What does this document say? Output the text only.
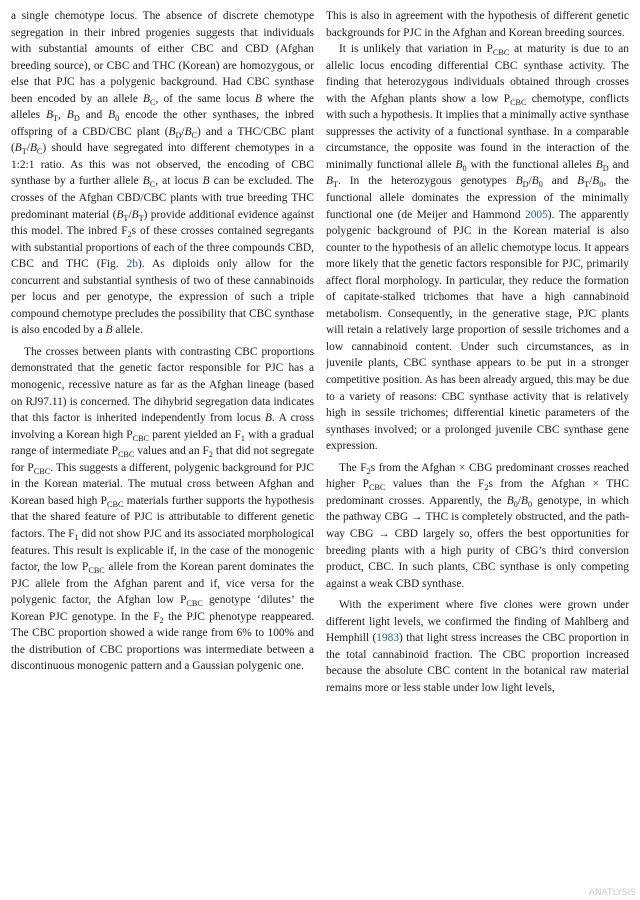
a single chemotype locus. The absence of discrete chemotype segregation in their inbred progenies suggests that individuals with substantial amounts of either CBC and CBD (Afghan breeding source), or CBC and THC (Korean) are homozygous, or else that PJC has a polygenic background. Had CBC synthase been encoded by an allele $B_C$, of the same locus B where the alleles $B_T$, $B_D$ and $B_0$ encode the other synthases, the inbred offspring of a CBD/CBC plant $(B_D/B_C)$ and a THC/CBC plant $(B_T/B_C)$ should have segregated into different chemotypes in a 1:2:1 ratio. As this was not observed, the encoding of CBC synthase by a further allele $B_C$, at locus B can be excluded. The crosses of the Afghan CBD/CBC plants with true breeding THC predominant material $(B_T/B_T)$ provide additional evidence against this model. The inbred $F_2s$ of these crosses contained segregants with substantial proportions of each of the three compounds CBD, CBC and THC (Fig. 2b). As diploids only allow for the concurrent and substantial synthesis of two of these cannabinoids per locus and per genotype, the expression of such a triple compound chemotype precludes the possibility that CBC synthase is also encoded by a B allele.

The crosses between plants with contrasting CBC proportions demonstrated that the genetic factor responsible for PJC has a monogenic, recessive nature as far as the Afghan lineage (based on RJ97.11) is concerned. The dihybrid segregation data indicates that this factor is inherited independently from locus B. A cross involving a Korean high $P_{CBC}$ parent yielded an $F_1$ with a gradual range of intermediate $P_{CBC}$ values and an $F_2$ that did not segregate for $P_{CBC}$. This suggests a different, polygenic background for PJC in the Korean material. The mutual cross between Afghan and Korean based high $P_{CBC}$ materials further supports the hypothesis that the shared feature of PJC is attributable to different genetic factors. The $F_1$ did not show PJC and its associated morphological features. This result is explicable if, in the case of the monogenic factor, the low $P_{CBC}$ allele from the Korean parent dominates the PJC allele from the Afghan parent and if, vice versa for the polygenic factor, the Afghan low $P_{CBC}$ genotype ‘dilutes’ the Korean PJC genotype. In the $F_2$ the PJC phenotype reappeared. The CBC proportion showed a wide range from 6% to 100% and the distribution of CBC proportions was intermediate between a discontinuous monogenic pattern and a Gaussian polygenic one.

This is also in agreement with the hypothesis of different genetic backgrounds for PJC in the Afghan and Korean breeding sources.

It is unlikely that variation in $P_{CBC}$ at maturity is due to an allelic locus encoding differential CBC synthase activity. The finding that heterozygous individuals obtained through crosses with the Afghan plants show a low $P_{CBC}$ chemotype, conflicts with such a hypothesis. It implies that a minimally active synthase suppresses the activity of a functional synthase. In a comparable circumstance, the opposite was found in the interaction of the minimally functional allele $B_0$ with the functional alleles $B_D$ and $B_T$. In the heterozygous genotypes $B_D/B_0$ and $B_T/B_0$, the functional allele dominates the expression of the minimally functional one (de Meijer and Hammond 2005). The apparently polygenic background of PJC in the Korean material is also counter to the hypothesis of an allelic chemotype locus. It appears more likely that the genetic factors responsible for PJC, primarily affect floral morphology. In particular, they reduce the formation of capitate-stalked trichomes that have a high cannabinoid metabolism. Consequently, in the generative stage, PJC plants will retain a relatively large proportion of sessile trichomes and a low cannabinoid content. Under such circumstances, as in juvenile plants, CBC synthase appears to be put in a stronger competitive position. As has been already argued, this may be due to a variety of reasons: CBC synthase activity that is relatively high in sessile trichomes; differential kinetic parameters of the synthases involved; or a prolonged juvenile CBC synthase gene expression.

The $F_2s$ from the Afghan × CBG predominant crosses reached higher $P_{CBC}$ values than the $F_2s$ from the Afghan × THC predominant crosses. Apparently, the $B_0/B_0$ genotype, in which the pathway CBG → THC is completely obstructed, and the pathway CBG → CBD largely so, offers the best opportunities for breeding plants with a high purity of CBG’s third conversion product, CBC. In such plants, CBC synthase is only competing against a weak CBD synthase.

With the experiment where five clones were grown under different light levels, we confirmed the finding of Mahlberg and Hemphill (1983) that light stress increases the CBC proportion in the total cannabinoid fraction. The CBC proportion increased because the absolute CBC content in the botanical raw material remains more or less stable under low light levels,

ANATLYSIS
